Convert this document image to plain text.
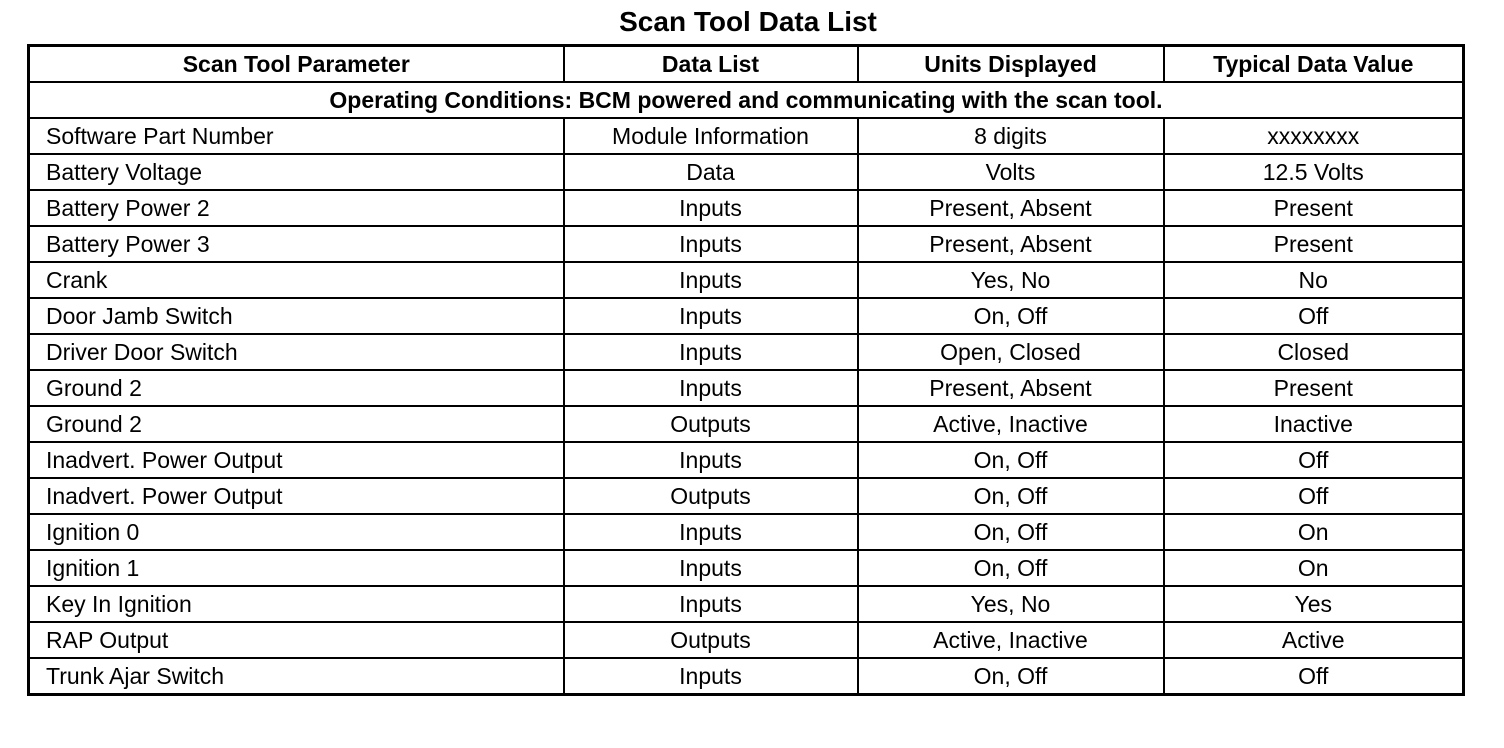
Scan Tool Data List
Scan Tool Parameter	Data List	Units Displayed	Typical Data Value
Operating Conditions: BCM powered and communicating with the scan tool.			
Software Part Number	Module Information	8 digits	xxxxxxxx
Battery Voltage	Data	Volts	12.5 Volts
Battery Power 2	Inputs	Present, Absent	Present
Battery Power 3	Inputs	Present, Absent	Present
Crank	Inputs	Yes, No	No
Door Jamb Switch	Inputs	On, Off	Off
Driver Door Switch	Inputs	Open, Closed	Closed
Ground 2	Inputs	Present, Absent	Present
Ground 2	Outputs	Active, Inactive	Inactive
Inadvert. Power Output	Inputs	On, Off	Off
Inadvert. Power Output	Outputs	On, Off	Off
Ignition 0	Inputs	On, Off	On
Ignition 1	Inputs	On, Off	On
Key In Ignition	Inputs	Yes, No	Yes
RAP Output	Outputs	Active, Inactive	Active
Trunk Ajar Switch	Inputs	On, Off	Off
